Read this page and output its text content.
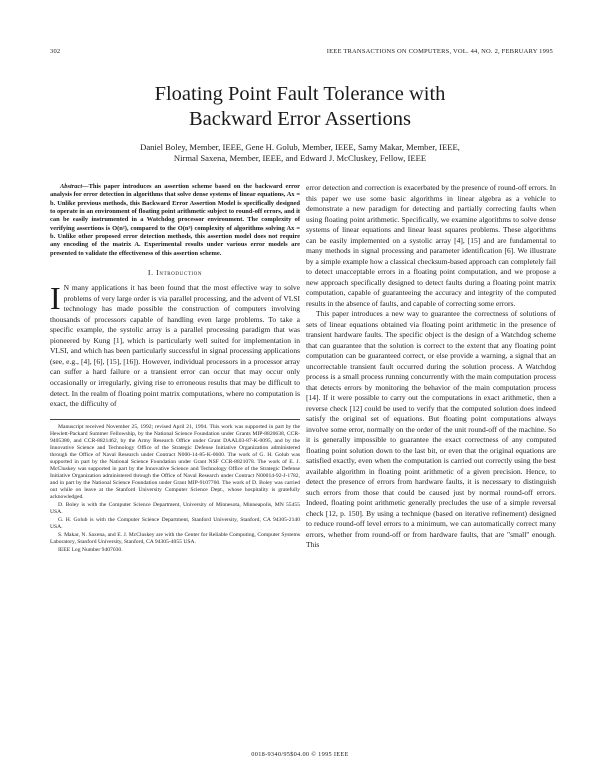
302	IEEE TRANSACTIONS ON COMPUTERS, VOL. 44, NO. 2, FEBRUARY 1995
Floating Point Fault Tolerance with
Backward Error Assertions
Daniel Boley, Member, IEEE, Gene H. Golub, Member, IEEE, Samy Makar, Member, IEEE,
Nirmal Saxena, Member, IEEE, and Edward J. McCluskey, Fellow, IEEE

Abstract—This paper introduces an assertion scheme based on the backward error analysis for error detection in algorithms that solve dense systems of linear equations, Ax = b. Unlike previous methods, this Backward Error Assertion Model is specifically designed to operate in an environment of floating point arithmetic subject to round-off errors, and it can be easily instrumented in a Watchdog processor environment. The complexity of verifying assertions is O(n²), compared to the O(n³) complexity of algorithms solving Ax = b. Unlike other proposed error detection methods, this assertion model does not require any encoding of the matrix A. Experimental results under various error models are presented to validate the effectiveness of this assertion scheme.

I. Introduction

I N many applications it has been found that the most effective way to solve problems of very large order is via parallel processing, and the advent of VLSI technology has made possible the construction of computers involving thousands of processors capable of handling even large problems. To take a specific example, the systolic array is a parallel processing paradigm that was pioneered by Kung [1], which is particularly well suited for implementation in VLSI, and which has been particularly successful in signal processing applications (see, e.g., [4], [6], [15], [16]). However, individual processors in a processor array can suffer a hard failure or a transient error can occur that may occur only occasionally or irregularly, giving rise to erroneous results that may be difficult to detect. In the realm of floating point matrix computations, where no computation is exact, the difficulty of

Manuscript received November 25, 1992; revised April 21, 1994. This work was supported in part by the Hewlett-Packard Summer Fellowship, by the National Science Foundation under Grants MIP-8820638, CCR-9405380, and CCR-8821462, by the Army Research Office under Grant DAAL03-87-K-0095, and by the Innovative Science and Technology Office of the Strategic Defense Initiative Organization administered through the Office of Naval Research under Contract N000-14-85-K-0600. The work of G. H. Golub was supported in part by the National Science Foundation under Grant NSF CCR-8821078. The work of E. J. McCluskey was supported in part by the Innovative Science and Technology Office of the Strategic Defense Initiative Organization administered through the Office of Naval Research under Contract N00014-92-J-1782, and in part by the National Science Foundation under Grant MIP-9107760. The work of D. Boley was carried out while on leave at the Stanford University Computer Science Dept., whose hospitality is gratefully acknowledged.

D. Boley is with the Computer Science Department, University of Minnesota, Minneapolis, MN 55455 USA.

G. H. Golub is with the Computer Science Department, Stanford University, Stanford, CA 94305-2140 USA.

S. Makar, N. Saxena, and E. J. McCluskey are with the Center for Reliable Computing, Computer Systems Laboratory, Stanford University, Stanford, CA 94305-4055 USA.

IEEE Log Number 9407030.

error detection and correction is exacerbated by the presence of round-off errors. In this paper we use some basic algorithms in linear algebra as a vehicle to demonstrate a new paradigm for detecting and partially correcting faults when using floating point arithmetic. Specifically, we examine algorithms to solve dense systems of linear equations and linear least squares problems. These algorithms can be easily implemented on a systolic array [4], [15] and are fundamental to many methods in signal processing and parameter identification [6]. We illustrate by a simple example how a classical checksum-based approach can completely fail to detect unacceptable errors in a floating point computation, and we propose a new approach specifically designed to detect faults during a floating point matrix computation, capable of guaranteeing the accuracy and integrity of the computed results in the absence of faults, and capable of correcting some errors.

This paper introduces a new way to guarantee the correctness of solutions of sets of linear equations obtained via floating point arithmetic in the presence of transient hardware faults. The specific object is the design of a Watchdog scheme that can guarantee that the solution is correct to the extent that any floating point computation can be guaranteed correct, or else provide a warning, a signal that an uncorrectable transient fault occurred during the solution process. A Watchdog process is a small process running concurrently with the main computation process that detects errors by monitoring the behavior of the main computation process [14]. If it were possible to carry out the computations in exact arithmetic, then a reverse check [12] could be used to verify that the computed solution does indeed satisfy the original set of equations. But floating point computations always involve some error, normally on the order of the unit round-off of the machine. So it is generally impossible to guarantee the exact correctness of any computed floating point solution down to the last bit, or even that the original equations are satisfied exactly, even when the computation is carried out correctly using the best available algorithm in floating point arithmetic of a given precision. Hence, to detect the presence of errors from hardware faults, it is necessary to distinguish such errors from those that could be caused just by normal round-off errors. Indeed, floating point arithmetic generally precludes the use of a simple reversal check [12, p. 150]. By using a technique (based on iterative refinement) designed to reduce round-off level errors to a minimum, we can automatically correct many errors, whether from round-off or from hardware faults, that are "small" enough. This

0018-9340/95$04.00 © 1995 IEEE
